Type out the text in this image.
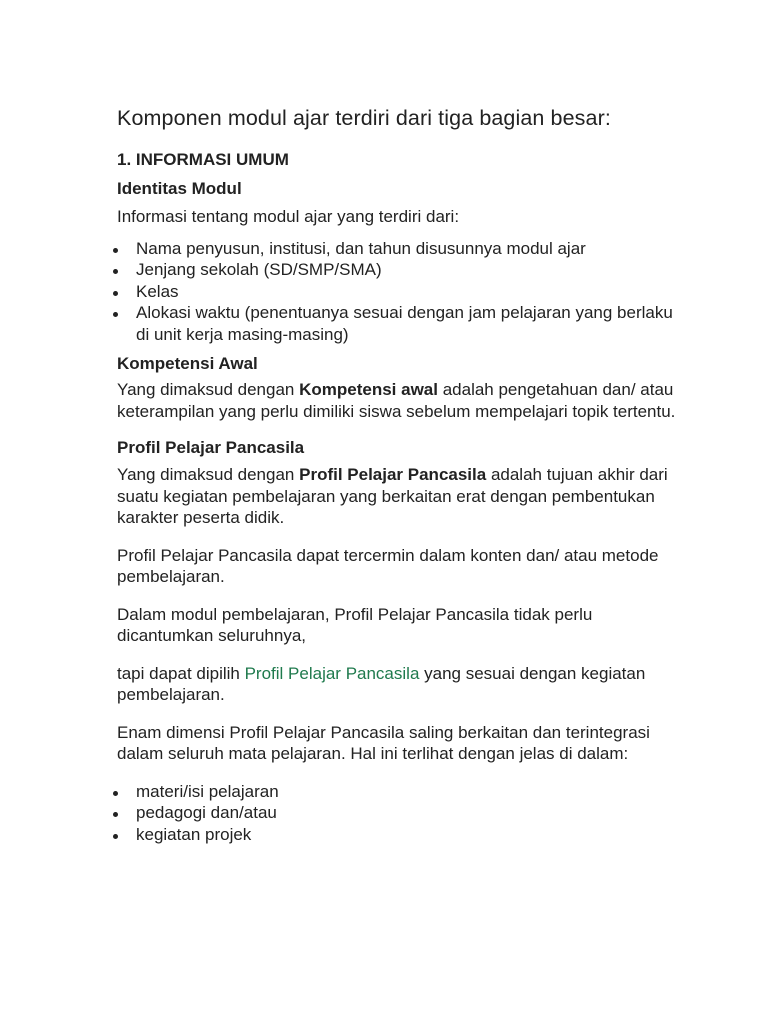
Komponen modul ajar terdiri dari tiga bagian besar:
1. INFORMASI UMUM
Identitas Modul

Informasi tentang modul ajar yang terdiri dari:

Nama penyusun, institusi, dan tahun disusunnya modul ajar
Jenjang sekolah (SD/SMP/SMA)
Kelas
Alokasi waktu (penentuanya sesuai dengan jam pelajaran yang berlaku di unit kerja masing-masing)
Kompetensi Awal

Yang dimaksud dengan Kompetensi awal adalah pengetahuan dan/ atau keterampilan yang perlu dimiliki siswa sebelum mempelajari topik tertentu.

Profil Pelajar Pancasila

Yang dimaksud dengan Profil Pelajar Pancasila adalah tujuan akhir dari suatu kegiatan pembelajaran yang berkaitan erat dengan pembentukan karakter peserta didik.

Profil Pelajar Pancasila dapat tercermin dalam konten dan/ atau metode pembelajaran.

Dalam modul pembelajaran, Profil Pelajar Pancasila tidak perlu dicantumkan seluruhnya,

tapi dapat dipilih Profil Pelajar Pancasila yang sesuai dengan kegiatan pembelajaran.

Enam dimensi Profil Pelajar Pancasila saling berkaitan dan terintegrasi dalam seluruh mata pelajaran. Hal ini terlihat dengan jelas di dalam:

materi/isi pelajaran
pedagogi dan/atau
kegiatan projek
